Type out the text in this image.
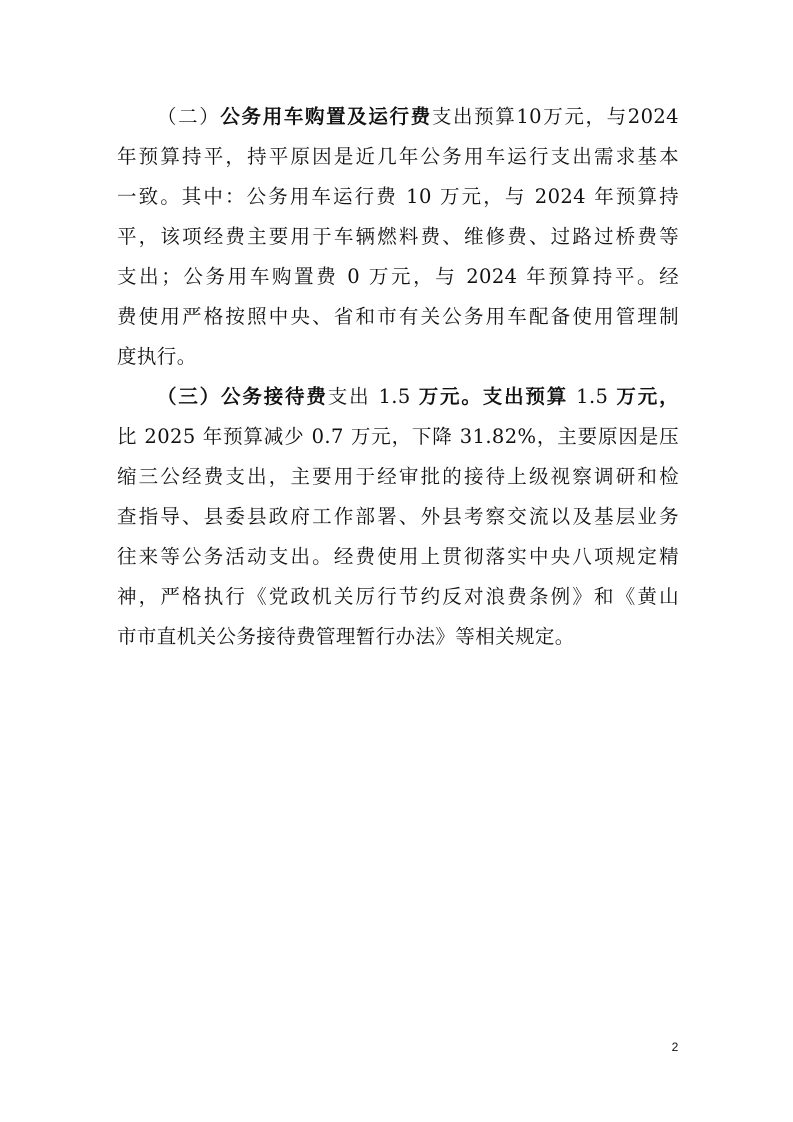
（二）公务用车购置及运行费支出预算10万元，与2024
年预算持平，持平原因是近几年公务用车运行支出需求基本
一致。其中：公务用车运行费 10 万元，与 2024 年预算持
平，该项经费主要用于车辆燃料费、维修费、过路过桥费等
支出；公务用车购置费 0 万元，与 2024 年预算持平。经
费使用严格按照中央、省和市有关公务用车配备使用管理制
度执行。
（三）公务接待费支出 1.5 万元。支出预算 1.5 万元，
比 2025 年预算减少 0.7 万元，下降 31.82%，主要原因是压
缩三公经费支出，主要用于经审批的接待上级视察调研和检
查指导、县委县政府工作部署、外县考察交流以及基层业务
往来等公务活动支出。经费使用上贯彻落实中央八项规定精
神，严格执行《党政机关厉行节约反对浪费条例》和《黄山
市市直机关公务接待费管理暂行办法》等相关规定。
2
